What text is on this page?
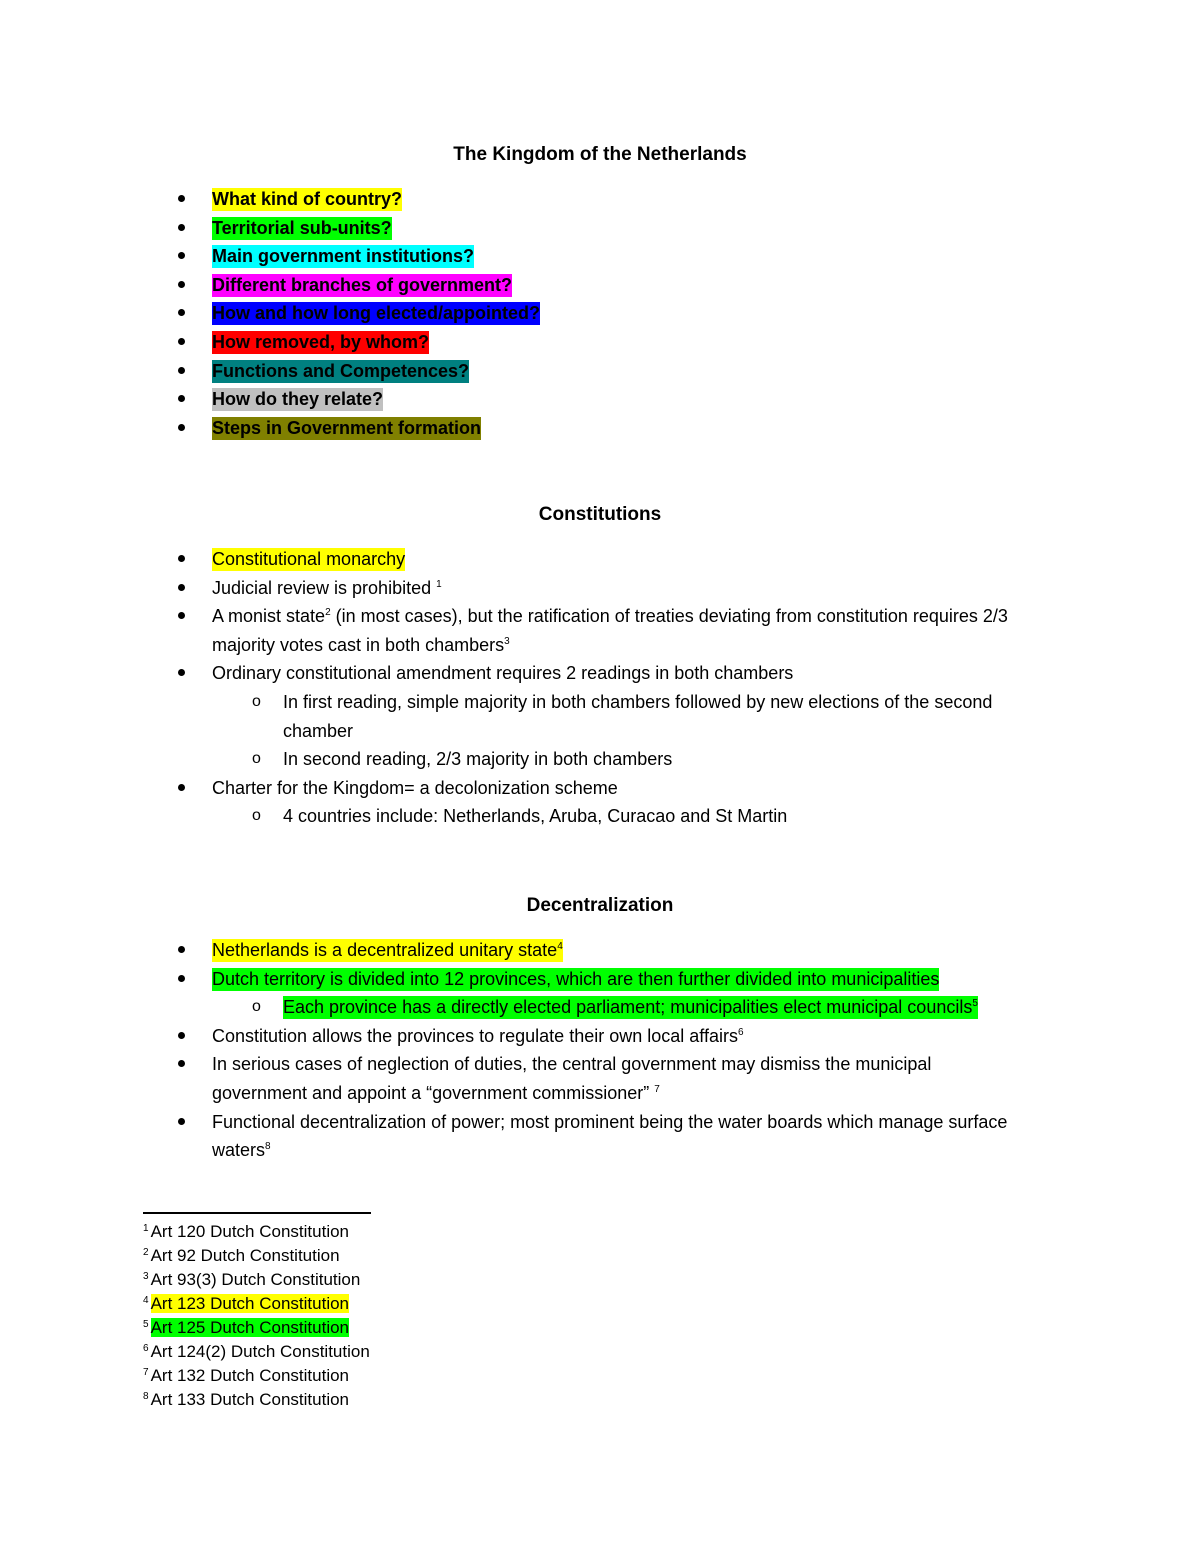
The Kingdom of the Netherlands
What kind of country?
Territorial sub-units?
Main government institutions?
Different branches of government?
How and how long elected/appointed?
How removed, by whom?
Functions and Competences?
How do they relate?
Steps in Government formation
Constitutions
Constitutional monarchy
Judicial review is prohibited $^1$
A monist state$^2$ (in most cases), but the ratification of treaties deviating from constitution requires 2/3 majority votes cast in both chambers$^3$
Ordinary constitutional amendment requires 2 readings in both chambers
o In first reading, simple majority in both chambers followed by new elections of the second chamber
o In second reading, 2/3 majority in both chambers
Charter for the Kingdom= a decolonization scheme
o 4 countries include: Netherlands, Aruba, Curacao and St Martin
Decentralization
Netherlands is a decentralized unitary state$^4$
Dutch territory is divided into 12 provinces, which are then further divided into municipalities
o Each province has a directly elected parliament; municipalities elect municipal councils$^5$
Constitution allows the provinces to regulate their own local affairs$^6$
In serious cases of neglection of duties, the central government may dismiss the municipal government and appoint a “government commissioner” $^7$
Functional decentralization of power; most prominent being the water boards which manage surface waters$^8$
$^1$ Art 120 Dutch Constitution
$^2$ Art 92 Dutch Constitution
$^3$ Art 93(3) Dutch Constitution
$^4$ Art 123 Dutch Constitution
$^5$ Art 125 Dutch Constitution
$^6$ Art 124(2) Dutch Constitution
$^7$ Art 132 Dutch Constitution
$^8$ Art 133 Dutch Constitution
